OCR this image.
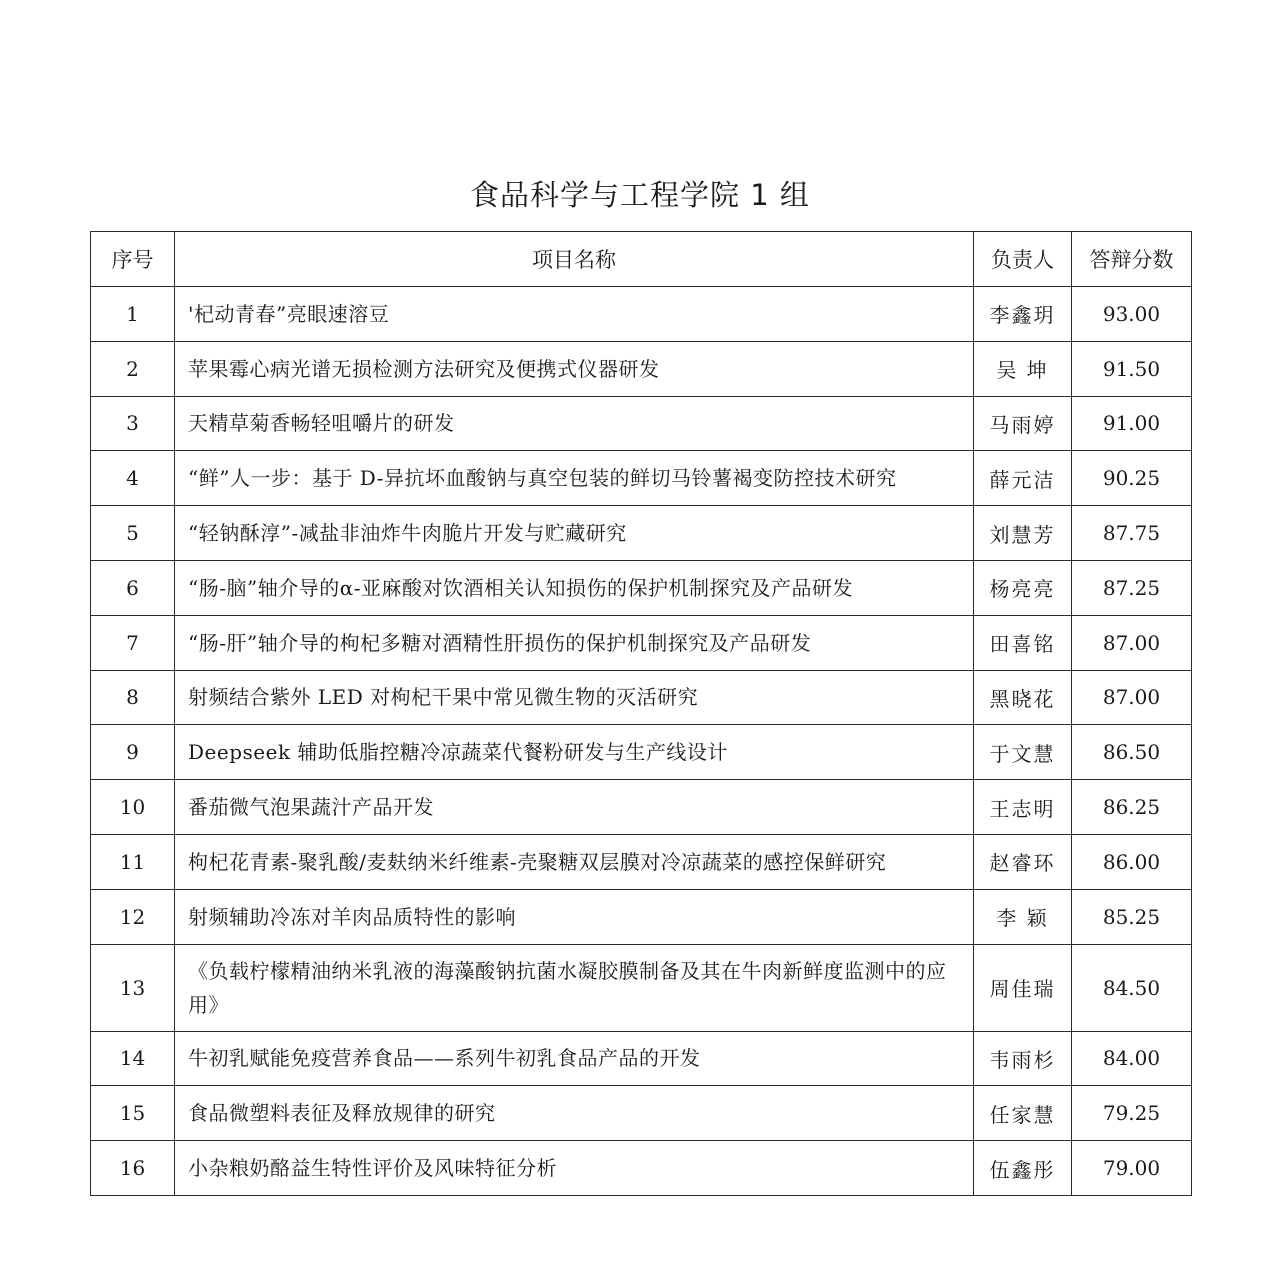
食品科学与工程学院 1 组
序号	项目名称	负责人	答辩分数
1	'杞动青春”亮眼速溶豆	李鑫玥	93.00
2	苹果霉心病光谱无损检测方法研究及便携式仪器研发	吴 坤	91.50
3	天精草菊香畅轻咀嚼片的研发	马雨婷	91.00
4	“鲜”人一步：基于 D-异抗坏血酸钠与真空包装的鲜切马铃薯褐变防控技术研究	薛元洁	90.25
5	“轻钠酥淳”-减盐非油炸牛肉脆片开发与贮藏研究	刘慧芳	87.75
6	“肠-脑”轴介导的α-亚麻酸对饮酒相关认知损伤的保护机制探究及产品研发	杨亮亮	87.25
7	“肠-肝”轴介导的枸杞多糖对酒精性肝损伤的保护机制探究及产品研发	田喜铭	87.00
8	射频结合紫外 LED 对枸杞干果中常见微生物的灭活研究	黑晓花	87.00
9	Deepseek 辅助低脂控糖冷凉蔬菜代餐粉研发与生产线设计	于文慧	86.50
10	番茄微气泡果蔬汁产品开发	王志明	86.25
11	枸杞花青素-聚乳酸/麦麸纳米纤维素-壳聚糖双层膜对冷凉蔬菜的感控保鲜研究	赵睿环	86.00
12	射频辅助冷冻对羊肉品质特性的影响	李 颖	85.25
13	《负载柠檬精油纳米乳液的海藻酸钠抗菌水凝胶膜制备及其在牛肉新鲜度监测中的应用》	周佳瑞	84.50
14	牛初乳赋能免疫营养食品——系列牛初乳食品产品的开发	韦雨杉	84.00
15	食品微塑料表征及释放规律的研究	任家慧	79.25
16	小杂粮奶酪益生特性评价及风味特征分析	伍鑫彤	79.00
